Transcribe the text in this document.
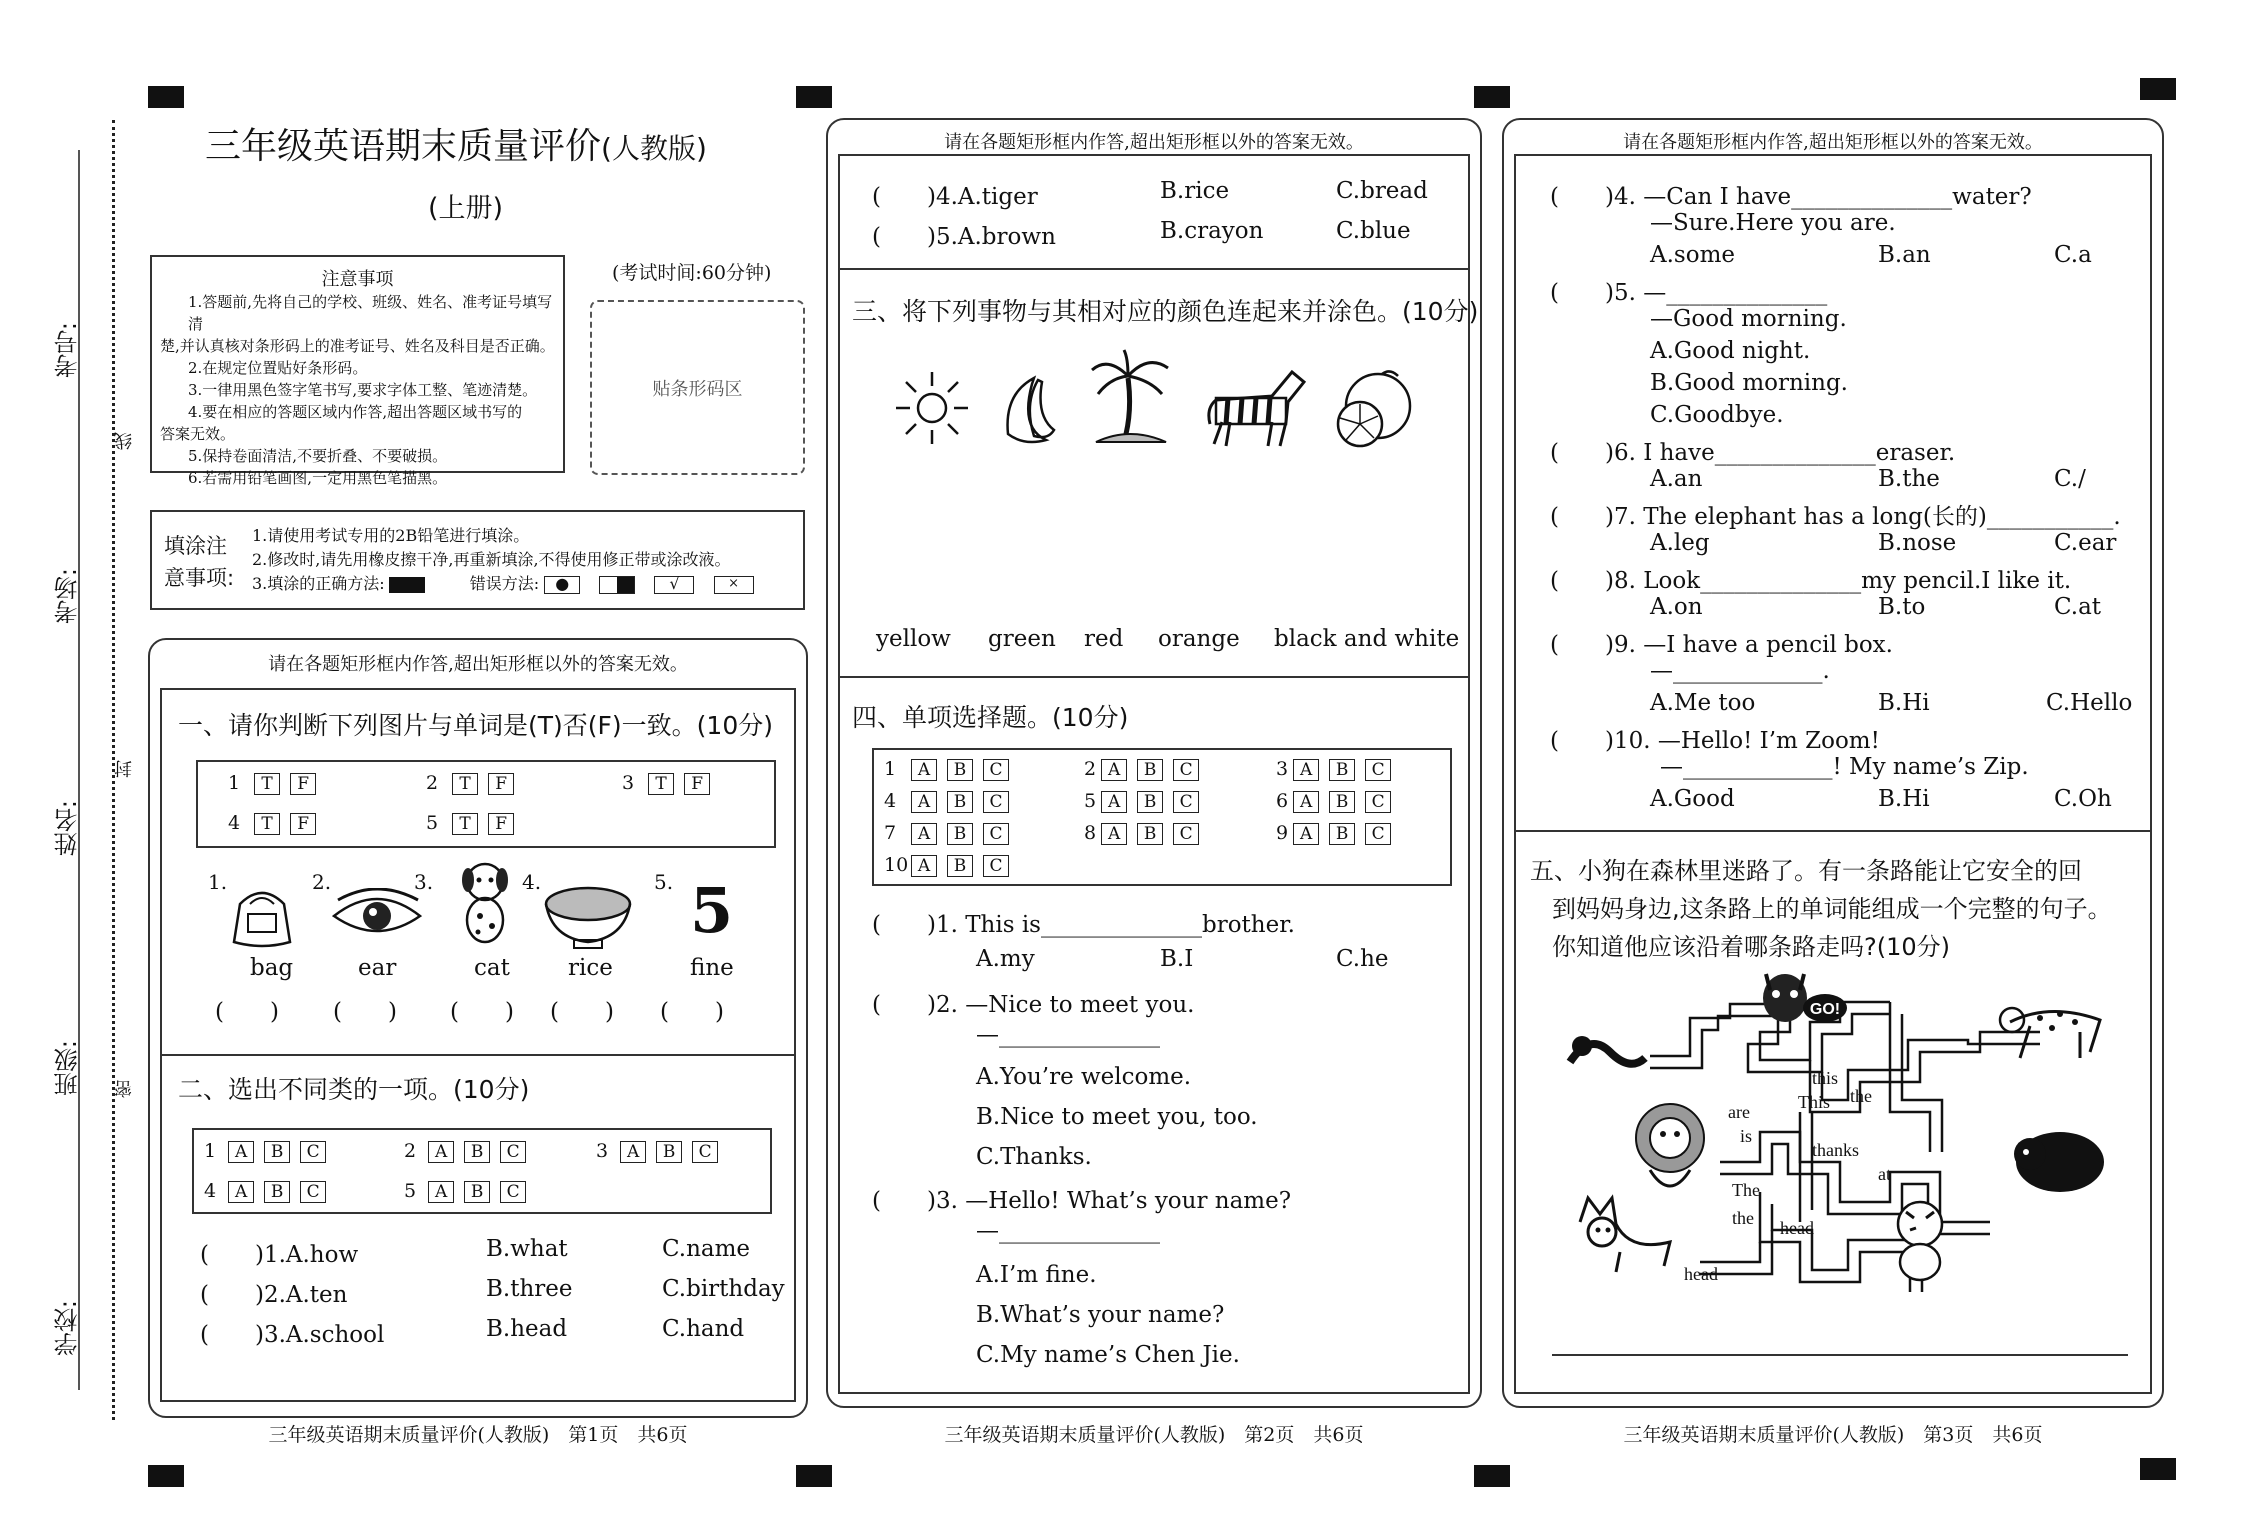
考号:
考场:
姓名:
班级:
学校:
线
封
密
三年级英语期末质量评价(人教版)
(上册)
注意事项
1.答题前,先将自己的学校、班级、姓名、准考证号填写清
楚,并认真核对条形码上的准考证号、姓名及科目是否正确。
2.在规定位置贴好条形码。
3.一律用黑色签字笔书写,要求字体工整、笔迹清楚。
4.要在相应的答题区域内作答,超出答题区域书写的
答案无效。
5.保持卷面清洁,不要折叠、不要破损。
6.若需用铅笔画图,一定用黑色笔描黑。
(考试时间:60分钟)
贴条形码区
填涂注
意事项:
1.请使用考试专用的2B铅笔进行填涂。
2.修改时,请先用橡皮擦干净,再重新填涂,不得使用修正带或涂改液。
3.填涂的正确方法:	错误方法: ●	√	×
请在各题矩形框内作答,超出矩形框以外的答案无效。
一、请你判断下列图片与单词是(T)否(F)一致。(10分)
1 T F	2 T F	3 T F
4 T F	5 T F
1.	2.	3.	4.	5. 5
bag	ear	cat	rice	fine
(　　) (　　) (　　) (　　) (　　)
二、选出不同类的一项。(10分)
1 A B C	2 A B C	3 A B C
4 A B C	5 A B C
(　　)1.A.how	B.what	C.name
(　　)2.A.ten	B.three	C.birthday
(　　)3.A.school	B.head	C.hand
三年级英语期末质量评价(人教版)　第1页　共6页
请在各题矩形框内作答,超出矩形框以外的答案无效。
(　　)4.A.tiger	B.rice	C.bread
(　　)5.A.brown	B.crayon	C.blue
三、将下列事物与其相对应的颜色连起来并涂色。(10分)
yellow green red orange black and white
四、单项选择题。(10分)
1 A B C	2 A B C	3 A B C
4 A B C	5 A B C	6 A B C
7 A B C	8 A B C	9 A B C
10 A B C
(　　)1. This is______________brother.
A.my	B.I	C.he
(　　)2. —Nice to meet you.
—______________
A.You’re welcome.
B.Nice to meet you, too.
C.Thanks.
(　　)3. —Hello! What’s your name?
—______________
A.I’m fine.
B.What’s your name?
C.My name’s Chen Jie.
三年级英语期末质量评价(人教版)　第2页　共6页
请在各题矩形框内作答,超出矩形框以外的答案无效。
(　　)4. —Can I have______________water?
—Sure.Here you are.
A.some	B.an	C.a
(　　)5. —______________
—Good morning.
A.Good night.
B.Good morning.
C.Goodbye.
(　　)6. I have______________eraser.
A.an	B.the	C./
(　　)7. The elephant has a long(长的)___________.
A.leg	B.nose	C.ear
(　　)8. Look______________my pencil.I like it.
A.on	B.to	C.at
(　　)9. —I have a pencil box.
—_____________.
A.Me too	B.Hi	C.Hello
(　　)10. —Hello! I’m Zoom!
—_____________! My name’s Zip.
A.Good	B.Hi	C.Oh
五、小狗在森林里迷路了。有一条路能让它安全的回
到妈妈身边,这条路上的单词能组成一个完整的句子。
你知道他应该沿着哪条路走吗?(10分)
GO!
this
This the
are
is
thanks
The
at
the head
head
三年级英语期末质量评价(人教版)　第3页　共6页
